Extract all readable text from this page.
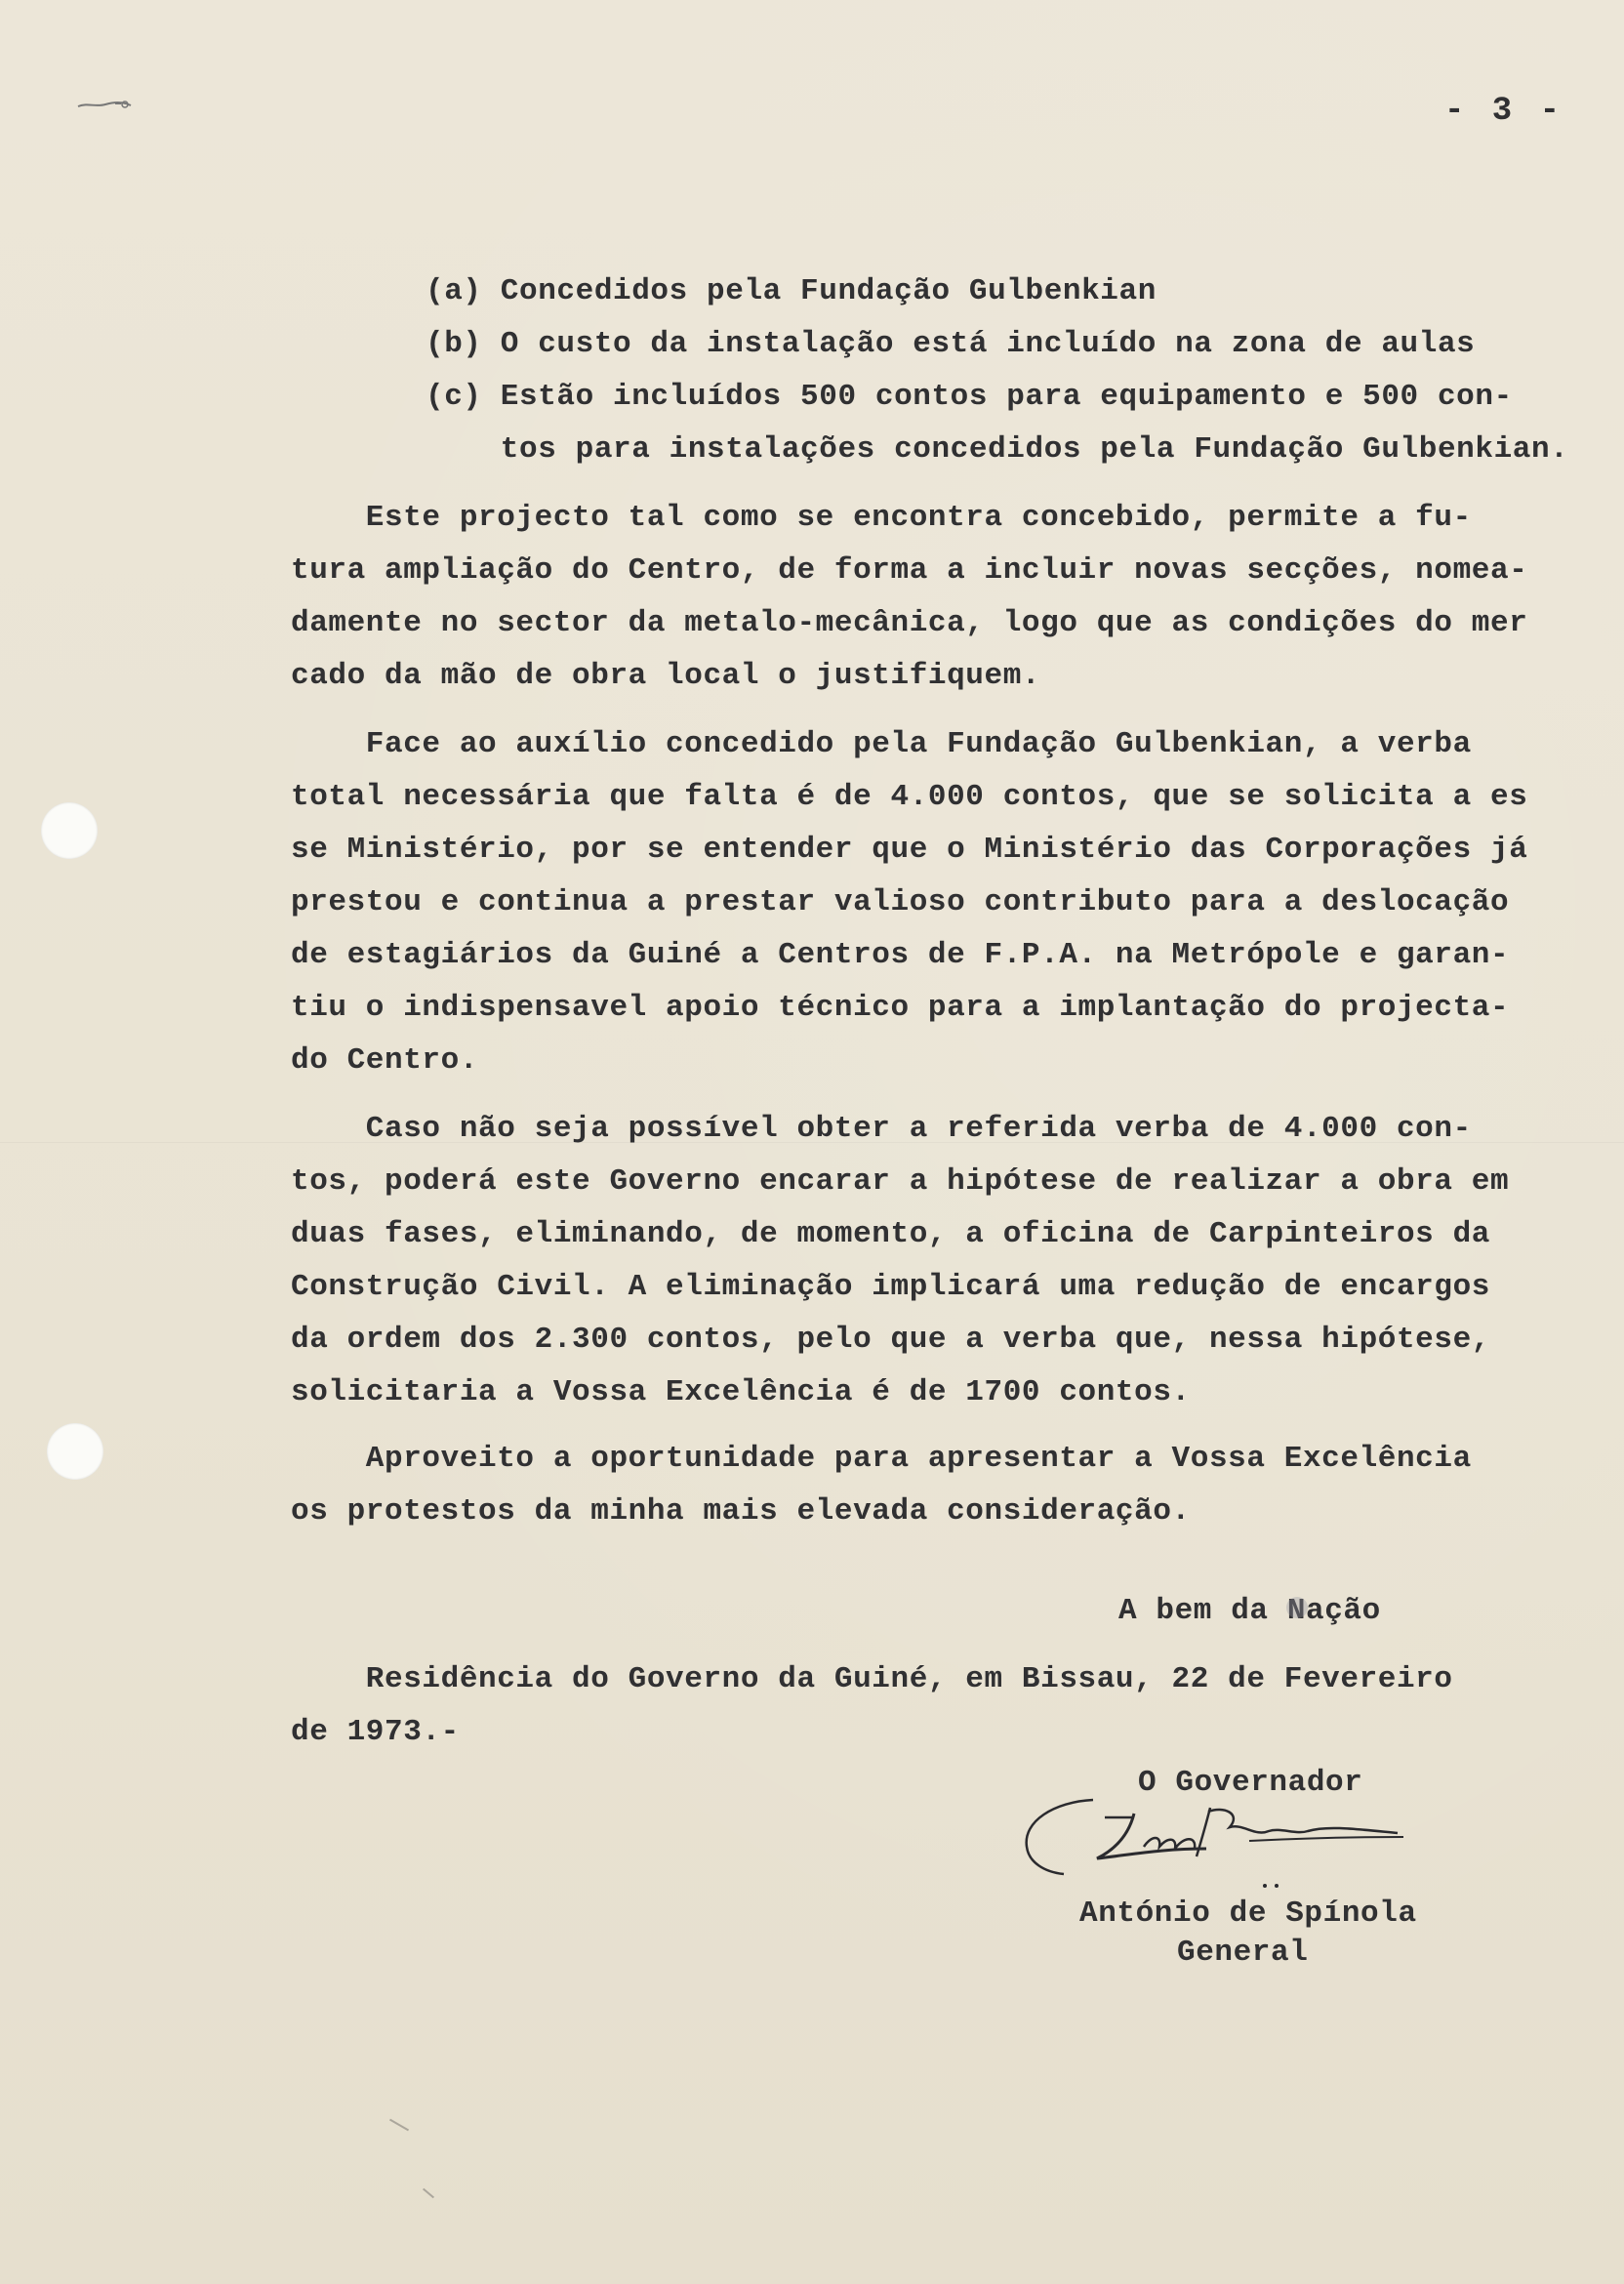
- 3 -
(a) Concedidos pela Fundação Gulbenkian
(b) O custo da instalação está incluído na zona de aulas
(c) Estão incluídos 500 contos para equipamento e 500 con-
tos para instalações concedidos pela Fundação Gulbenkian.
Este projecto tal como se encontra concebido, permite a fu-
tura ampliação do Centro, de forma a incluir novas secções, nomea-
damente no sector da metalo-mecânica, logo que as condições do mer
cado da mão de obra local o justifiquem.
Face ao auxílio concedido pela Fundação Gulbenkian, a verba
total necessária que falta é de 4.000 contos, que se solicita a es
se Ministério, por se entender que o Ministério das Corporações já
prestou e continua a prestar valioso contributo para a deslocação
de estagiários da Guiné a Centros de F.P.A. na Metrópole e garan-
tiu o indispensavel apoio técnico para a implantação do projecta-
do Centro.
Caso não seja possível obter a referida verba de 4.000 con-
tos, poderá este Governo encarar a hipótese de realizar a obra em
duas fases, eliminando, de momento, a oficina de Carpinteiros da
Construção Civil. A eliminação implicará uma redução de encargos
da ordem dos 2.300 contos, pelo que a verba que, nessa hipótese,
solicitaria a Vossa Excelência é de 1700 contos.
Aproveito a oportunidade para apresentar a Vossa Excelência
os protestos da minha mais elevada consideração.
A bem da Nação
Residência do Governo da Guiné, em Bissau, 22 de Fevereiro
de 1973.-
O Governador
António de Spínola
General
